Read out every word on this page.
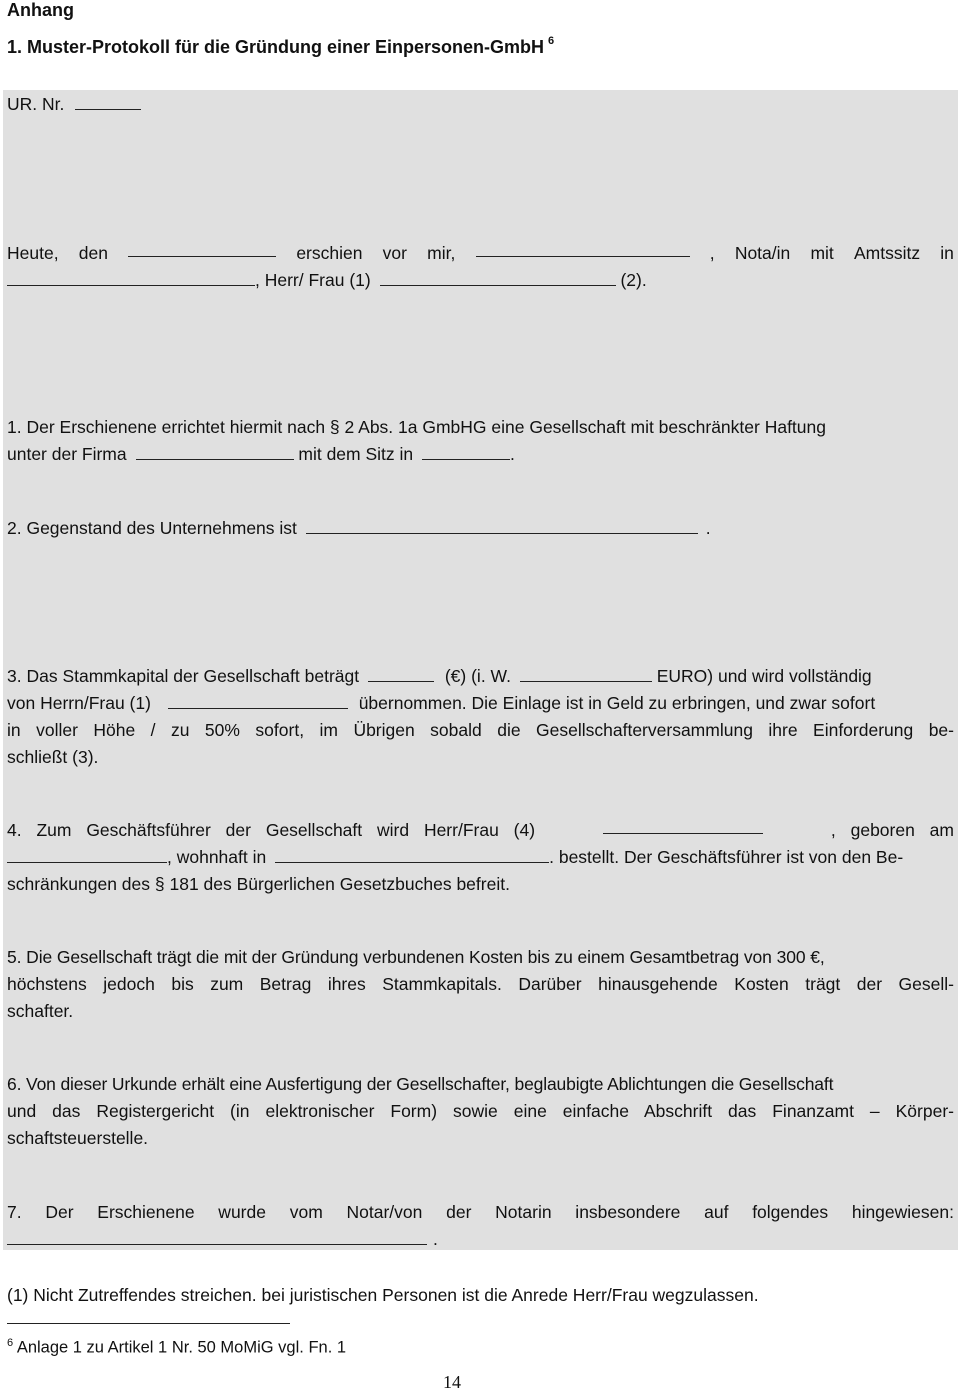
Anhang
1. Muster-Protokoll für die Gründung einer Einpersonen-GmbH $^6$
UR. Nr.
Heute, den	erschien vor mir,	, Nota/in mit Amtssitz in
, Herr/ Frau (1)	(2).
1. Der Erschienene errichtet hiermit nach § 2 Abs. 1a GmbHG eine Gesellschaft mit beschränkter Haftung
unter der Firma	mit dem Sitz in	.
2. Gegenstand des Unternehmens ist	.
3. Das Stammkapital der Gesellschaft beträgt	(€) (i. W.	EURO) und wird vollständig
von Herrn/Frau (1)	übernommen. Die Einlage ist in Geld zu erbringen, und zwar sofort
in voller Höhe / zu 50% sofort, im Übrigen sobald die Gesellschafterversammlung ihre Einforderung be-
schließt (3).
4. Zum Geschäftsführer der Gesellschaft wird Herr/Frau (4)	, geboren am
, wohnhaft in	. bestellt. Der Geschäftsführer ist von den Be-
schränkungen des § 181 des Bürgerlichen Gesetzbuches befreit.
5. Die Gesellschaft trägt die mit der Gründung verbundenen Kosten bis zu einem Gesamtbetrag von 300 €,
höchstens jedoch bis zum Betrag ihres Stammkapitals. Darüber hinausgehende Kosten trägt der Gesell-
schafter.
6. Von dieser Urkunde erhält eine Ausfertigung der Gesellschafter, beglaubigte Ablichtungen die Gesellschaft
und das Registergericht (in elektronischer Form) sowie eine einfache Abschrift das Finanzamt – Körper-
schaftsteuerstelle.
7. Der Erschienene wurde vom Notar/von der Notarin insbesondere auf folgendes hingewiesen:
.
(1) Nicht Zutreffendes streichen. bei juristischen Personen ist die Anrede Herr/Frau wegzulassen.
$^6$ Anlage 1 zu Artikel 1 Nr. 50 MoMiG vgl. Fn. 1
14
